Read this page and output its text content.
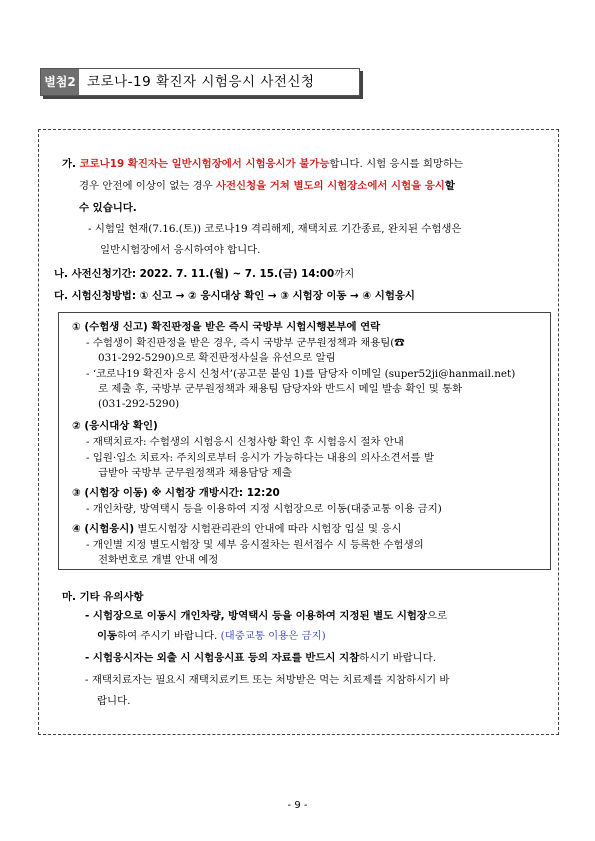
별첨2 코로나-19 확진자 시험응시 사전신청
가. 코로나19 확진자는 일반시험장에서 시험응시가 불가능합니다. 시험 응시를 희망하는
경우 안전에 이상이 없는 경우 사전신청을 거쳐 별도의 시험장소에서 시험을 응시할
수 있습니다.
- 시험일 현재(7.16.(토)) 코로나19 격리해제, 재택치료 기간종료, 완치된 수험생은
일반시험장에서 응시하여야 합니다.
나. 사전신청기간: 2022. 7. 11.(월) ~ 7. 15.(금) 14:00까지
다. 시험신청방법: ① 신고 → ② 응시대상 확인 → ③ 시험장 이동 → ④ 시험응시
① (수험생 신고) 확진판정을 받은 즉시 국방부 시험시행본부에 연락
- 수험생이 확진판정을 받은 경우, 즉시 국방부 군무원정책과 채용팀(☎
031-292-5290)으로 확진판정사실을 유선으로 알림
- ‘코로나19 확진자 응시 신청서’(공고문 붙임 1)를 담당자 이메일 (super52ji@hanmail.net)
로 제출 후, 국방부 군무원정책과 채용팀 담당자와 반드시 메일 발송 확인 및 통화
(031-292-5290)
② (응시대상 확인)
- 재택치료자: 수험생의 시험응시 신청사항 확인 후 시험응시 절차 안내
- 입원·입소 치료자: 주치의로부터 응시가 가능하다는 내용의 의사소견서를 발
급받아 국방부 군무원정책과 채용담당 제출
③ (시험장 이동) ※ 시험장 개방시간: 12:20
- 개인차량, 방역택시 등을 이용하여 지정 시험장으로 이동(대중교통 이용 금지)
④ (시험응시) 별도시험장 시험관리관의 안내에 따라 시험장 입실 및 응시
- 개인별 지정 별도시험장 및 세부 응시절차는 원서접수 시 등록한 수험생의
전화번호로 개별 안내 예정
마. 기타 유의사항
- 시험장으로 이동시 개인차량, 방역택시 등을 이용하여 지정된 별도 시험장으로
이동하여 주시기 바랍니다. (대중교통 이용은 금지)
- 시험응시자는 외출 시 시험응시표 등의 자료를 반드시 지참하시기 바랍니다.
- 재택치료자는 필요시 재택치료키트 또는 처방받은 먹는 치료제를 지참하시기 바
랍니다.
- 9 -
